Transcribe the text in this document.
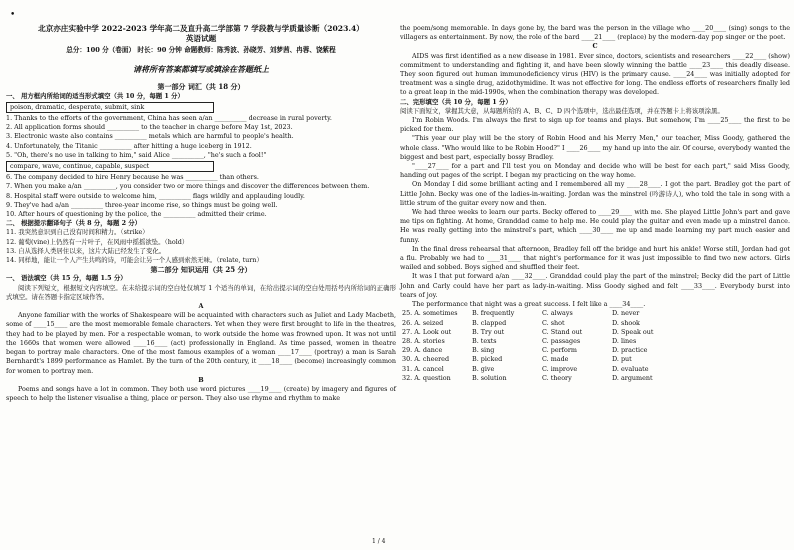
•
北京亦庄实验中学 2022-2023 学年高二及直升高二学部第 7 学段教与学质量诊断（2023.4）
英语试题
总分：100 分（卷面） 时长：90 分钟 命题教师：陈秀波、孙晓芳、刘梦茜、冉蓉、饶紫程
请将所有答案都填写或填涂在答题纸上
第一部分 词汇（共 18 分）
一、 用方框内所给词的适当形式填空（共 10 分，每题 1 分）
poison, dramatic, desperate, submit, sink

1. Thanks to the efforts of the government, China has seen a/an __________ decrease in rural poverty.

2. All application forms should __________ to the teacher in charge before May 1st, 2023.

3. Electronic waste also contains __________ metals which are harmful to people's health.

4. Unfortunately, the Titanic __________ after hitting a huge iceberg in 1912.

5. "Oh, there's no use in talking to him," said Alice __________, "he's such a fool!"

compare, wave, continue, capable, suspect

6. The company decided to hire Henry because he was __________ than others.

7. When you make a/an __________, you consider two or more things and discover the differences between them.

8. Hospital staff were outside to welcome him, __________ flags wildly and applauding loudly.

9. They've had a/an __________ three-year income rise, so things must be going well.

10. After hours of questioning by the police, the __________ admitted their crime.

二、 根据提示翻译句子（共 8 分，每题 2 分）

11. 我突然意识到自己没有时间和精力。（strike）

12. 葡萄(vine)上仍然有一片叶子，在风雨中摇摇欲坠。（hold）

13. 自从选择人类居住以来，这片大陆已经发生了变化。

14. 同样地，能让一个人产生共鸣的诗，可能会让另一个人感到索然无味。（relate, turn）

第二部分 知识运用（共 25 分）
一、 语法填空（共 15 分，每题 1.5 分）

阅读下列短文，根据短文内容填空。在未给提示词的空白处仅填写 1 个适当的单词，在给出提示词的空白处用括号内所给词的正确形式填空。请在答题卡指定区域作答。

A

Anyone familiar with the works of Shakespeare will be acquainted with characters such as Juliet and Lady Macbeth, some of ____15____ are the most memorable female characters. Yet when they were first brought to life in the theatres, they had to be played by men. For a respectable woman, to work outside the home was frowned upon. It was not until the 1660s that women were allowed ____16____ (act) professionally in England. As time passed, women in theatre began to portray male characters. One of the most famous examples of a woman ____17____ (portray) a man is Sarah Bernhardt's 1899 performance as Hamlet. By the turn of the 20th century, it ____18____ (become) increasingly common for women to portray men.

B

Poems and songs have a lot in common. They both use word pictures ____19____ (create) by imagery and figures of speech to help the listener visualise a thing, place or person. They also use rhyme and rhythm to make

the poem/song memorable. In days gone by, the bard was the person in the village who ____20____ (sing) songs to the villagers as entertainment. By now, the role of the bard ____21____ (replace) by the modern-day pop singer or the poet.

C

AIDS was first identified as a new disease in 1981. Ever since, doctors, scientists and researchers ____22____ (show) commitment to understanding and fighting it, and have been slowly winning the battle ____23____ this deadly disease. They soon figured out human immunodeficiency virus (HIV) is the primary cause. ____24____ was initially adopted for treatment was a single drug, azidothymidine. It was not effective for long. The endless efforts of researchers finally led to a great leap in the mid-1990s, when the combination therapy was developed.

二、完形填空（共 10 分，每题 1 分）

阅读下面短文，掌握其大意，从每题所给的 A、B、C、D 四个选项中，选出最佳选项，并在答题卡上将该项涂黑。

I'm Robin Woods. I'm always the first to sign up for teams and plays. But somehow, I'm ____25____ the first to be picked for them.

"This year our play will be the story of Robin Hood and his Merry Men," our teacher, Miss Goody, gathered the whole class. "Who would like to be Robin Hood?" I ____26____ my hand up into the air. Of course, everybody wanted the biggest and best part, especially bossy Bradley.

"____27____ for a part and I'll test you on Monday and decide who will be best for each part," said Miss Goody, handing out pages of the script. I began my practicing on the way home.

On Monday I did some brilliant acting and I remembered all my ____28____. I got the part. Bradley got the part of Little John. Becky was one of the ladies-in-waiting. Jordan was the minstrel (吟游诗人), who told the tale in song with a little strum of the guitar every now and then.

We had three weeks to learn our parts. Becky offered to ____29____ with me. She played Little John's part and gave me tips on fighting. At home, Granddad came to help me. He could play the guitar and even made up a minstrel dance. He was really getting into the minstrel's part, which ____30____ me up and made learning my part much easier and funny.

In the final dress rehearsal that afternoon, Bradley fell off the bridge and hurt his ankle! Worse still, Jordan had got a flu. Probably we had to ____31____ that night's performance for it was just impossible to find two new actors. Girls wailed and sobbed. Boys sighed and shuffled their feet.

It was I that put forward a/an ____32____. Granddad could play the part of the minstrel; Becky did the part of Little John and Carly could have her part as lady-in-waiting. Miss Goody sighed and felt ____33____. Everybody burst into tears of joy.

The performance that night was a great success. I felt like a ____34____.

25. A. sometimes	B. frequently	C. always	D. never
26. A. seized	B. clapped	C. shot	D. shook
27. A. Look out	B. Try out	C. Stand out	D. Speak out
28. A. stories	B. texts	C. passages	D. lines
29. A. dance	B. sing	C. perform	D. practice
30. A. cheered	B. picked	C. made	D. put
31. A. cancel	B. give	C. improve	D. evaluate
32. A. question	B. solution	C. theory	D. argument
1 / 4
